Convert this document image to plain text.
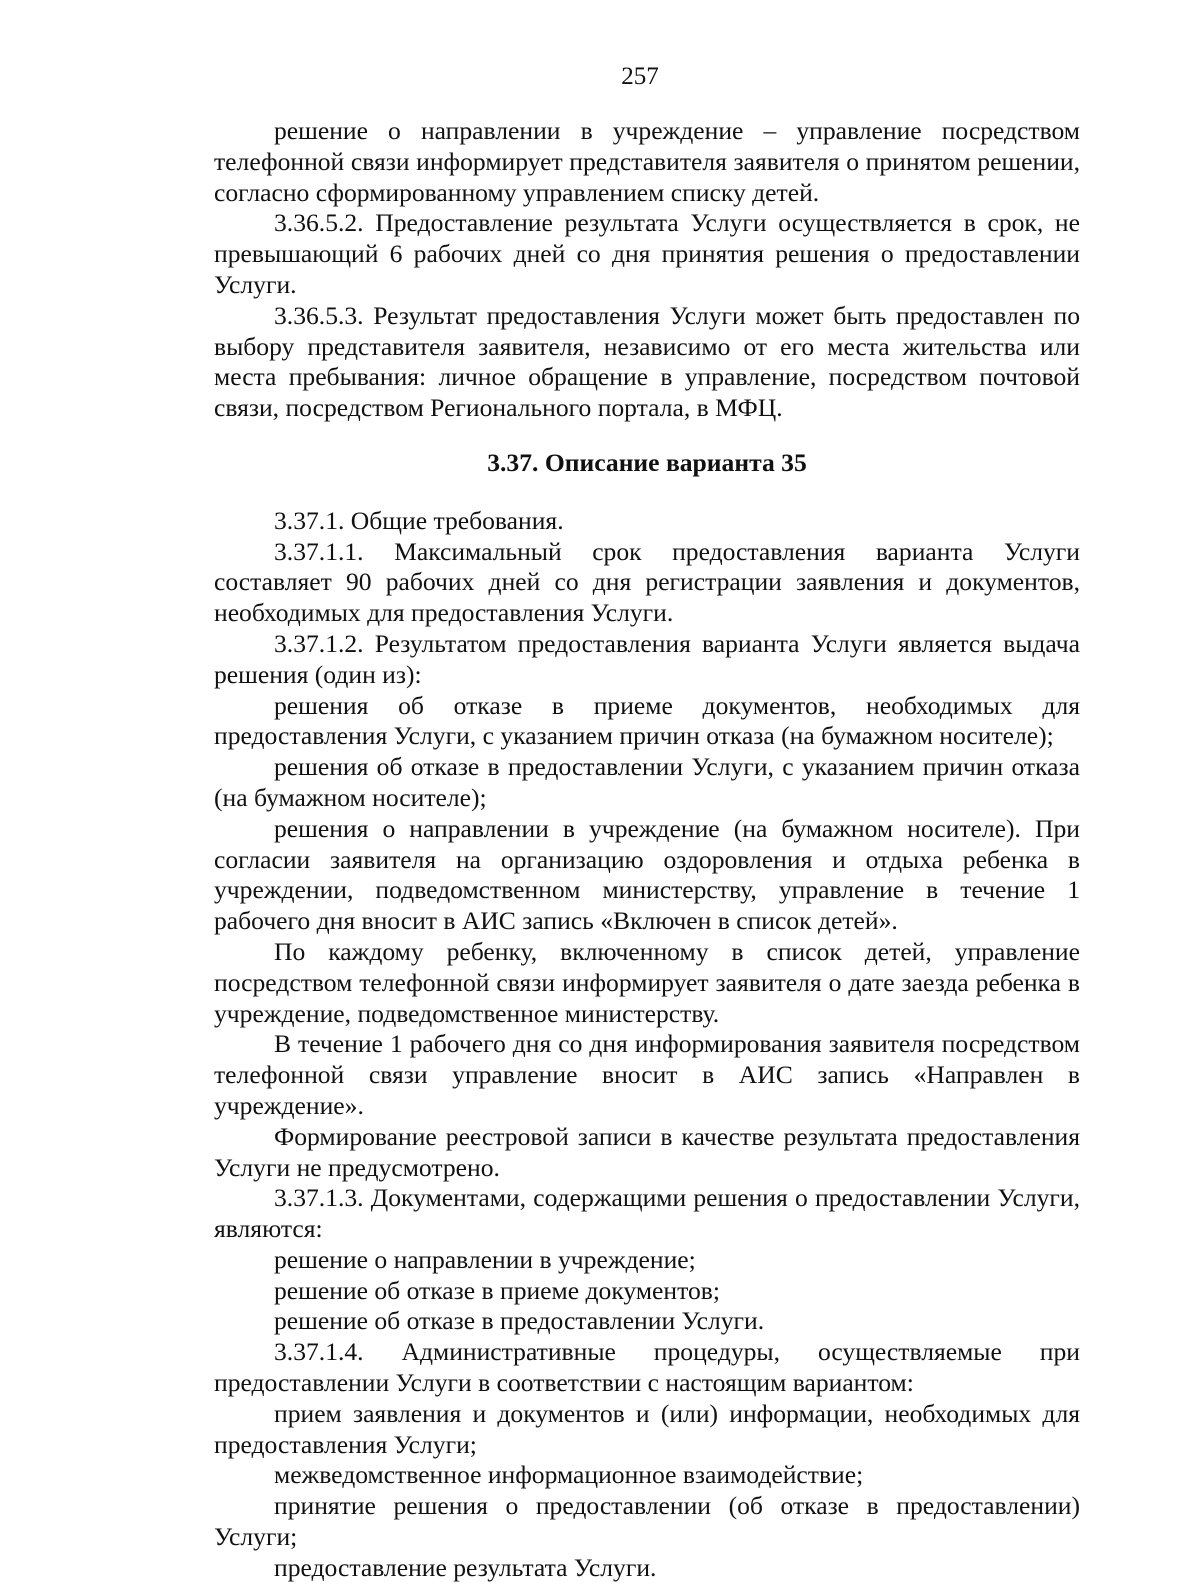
257

решение о направлении в учреждение – управление посредством телефонной связи информирует представителя заявителя о принятом решении, согласно сформированному управлением списку детей.

3.36.5.2. Предоставление результата Услуги осуществляется в срок, не превышающий 6 рабочих дней со дня принятия решения о предоставлении Услуги.

3.36.5.3. Результат предоставления Услуги может быть предоставлен по выбору представителя заявителя, независимо от его места жительства или места пребывания: личное обращение в управление, посредством почтовой связи, посредством Регионального портала, в МФЦ.

3.37. Описание варианта 35

3.37.1. Общие требования.

3.37.1.1. Максимальный срок предоставления варианта Услуги составляет 90 рабочих дней со дня регистрации заявления и документов, необходимых для предоставления Услуги.

3.37.1.2. Результатом предоставления варианта Услуги является выдача решения (один из):

решения об отказе в приеме документов, необходимых для предоставления Услуги, с указанием причин отказа (на бумажном носителе);

решения об отказе в предоставлении Услуги, с указанием причин отказа (на бумажном носителе);

решения о направлении в учреждение (на бумажном носителе). При согласии заявителя на организацию оздоровления и отдыха ребенка в учреждении, подведомственном министерству, управление в течение 1 рабочего дня вносит в АИС запись «Включен в список детей».

По каждому ребенку, включенному в список детей, управление посредством телефонной связи информирует заявителя о дате заезда ребенка в учреждение, подведомственное министерству.

В течение 1 рабочего дня со дня информирования заявителя посредством телефонной связи управление вносит в АИС запись «Направлен в учреждение».

Формирование реестровой записи в качестве результата предоставления Услуги не предусмотрено.

3.37.1.3. Документами, содержащими решения о предоставлении Услуги, являются:

решение о направлении в учреждение;

решение об отказе в приеме документов;

решение об отказе в предоставлении Услуги.

3.37.1.4. Административные процедуры, осуществляемые при предоставлении Услуги в соответствии с настоящим вариантом:

прием заявления и документов и (или) информации, необходимых для предоставления Услуги;

межведомственное информационное взаимодействие;

принятие решения о предоставлении (об отказе в предоставлении) Услуги;

предоставление результата Услуги.
